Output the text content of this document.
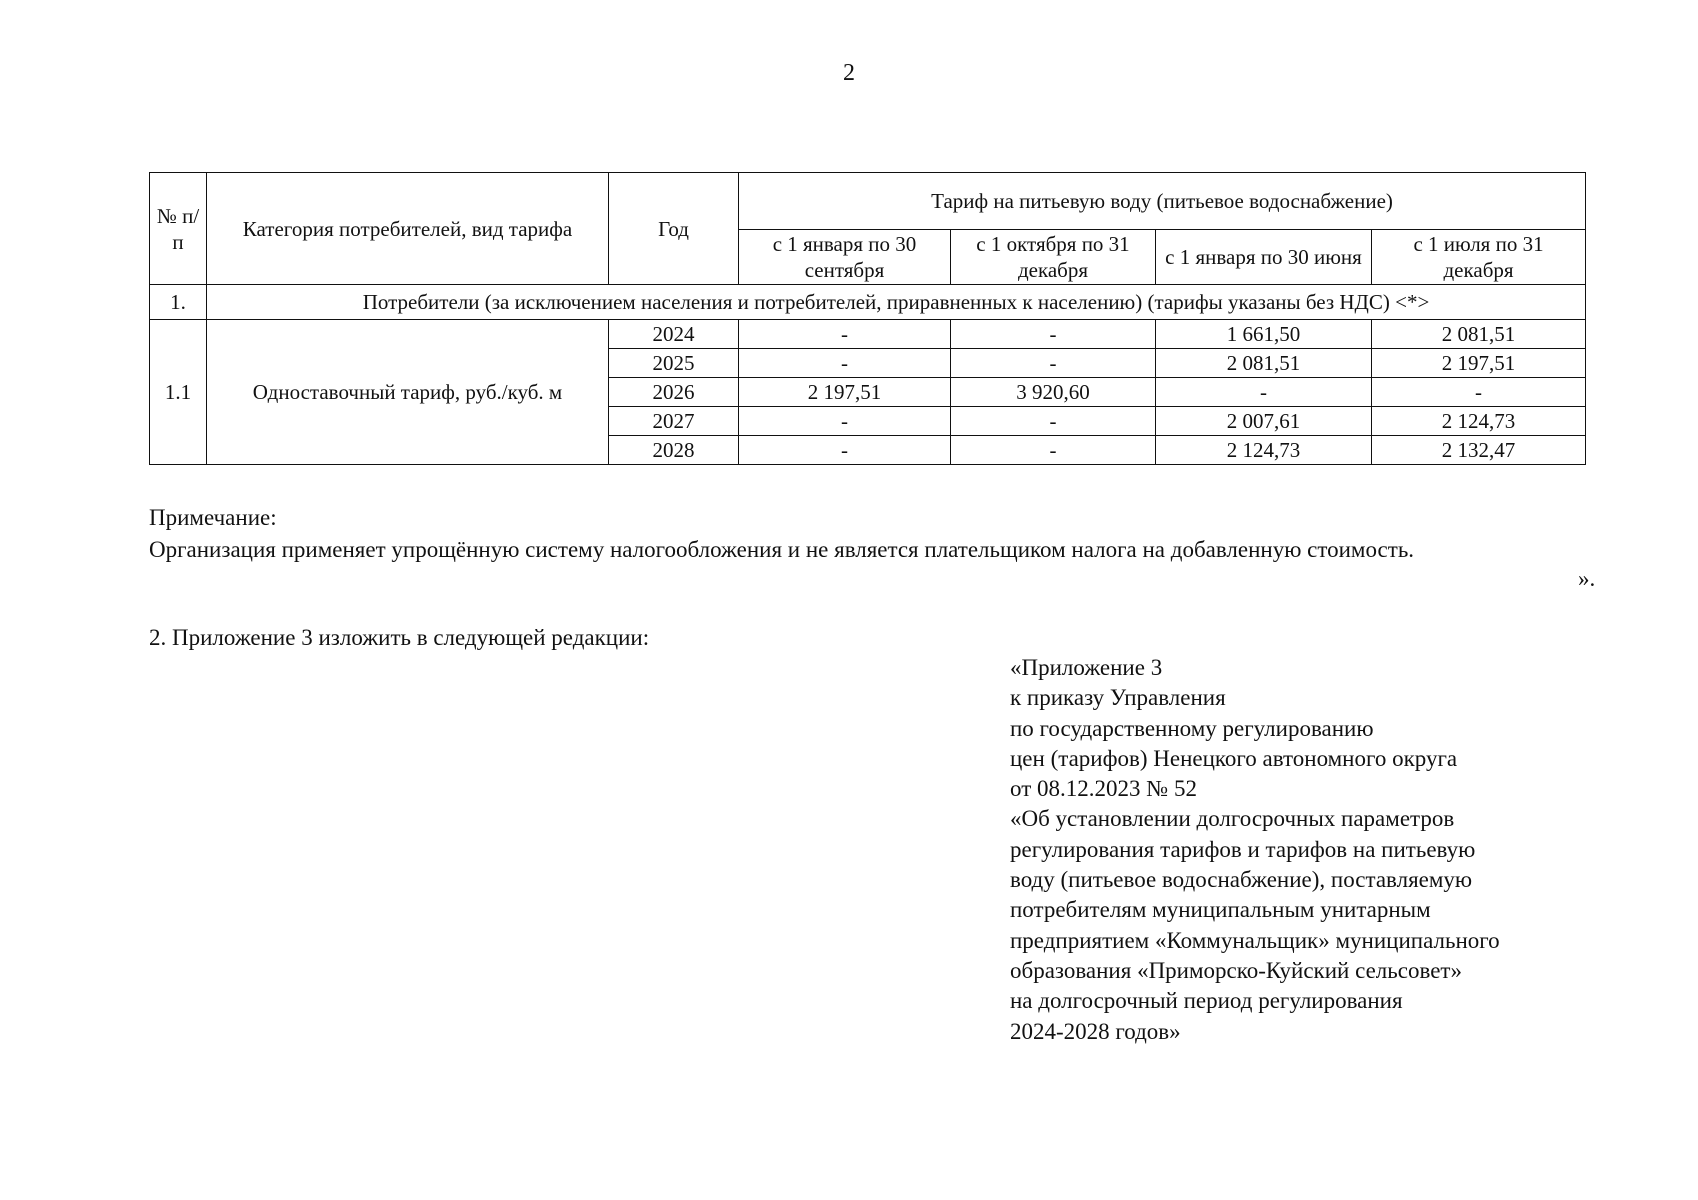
2
№ п/п	Категория потребителей, вид тарифа	Год	Тариф на питьевую воду (питьевое водоснабжение)			
			с 1 января по 30 сентября	с 1 октября по 31 декабря	с 1 января по 30 июня	с 1 июля по 31 декабря
1.	Потребители (за исключением населения и потребителей, приравненных к населению) (тарифы указаны без НДС) <*>					
1.1	Одноставочный тариф, руб./куб. м	2024	-	-	1 661,50	2 081,51
		2025	-	-	2 081,51	2 197,51
		2026	2 197,51	3 920,60	-	-
		2027	-	-	2 007,61	2 124,73
		2028	-	-	2 124,73	2 132,47
Примечание:
Организация применяет упрощённую систему налогообложения и не является плательщиком налога на добавленную стоимость.
».
2. Приложение 3 изложить в следующей редакции:
«Приложение 3
к приказу Управления
по государственному регулированию
цен (тарифов) Ненецкого автономного округа
от 08.12.2023 № 52
«Об установлении долгосрочных параметров
регулирования тарифов и тарифов на питьевую
воду (питьевое водоснабжение), поставляемую
потребителям муниципальным унитарным
предприятием «Коммунальщик» муниципального
образования «Приморско-Куйский сельсовет»
на долгосрочный период регулирования
2024-2028 годов»
